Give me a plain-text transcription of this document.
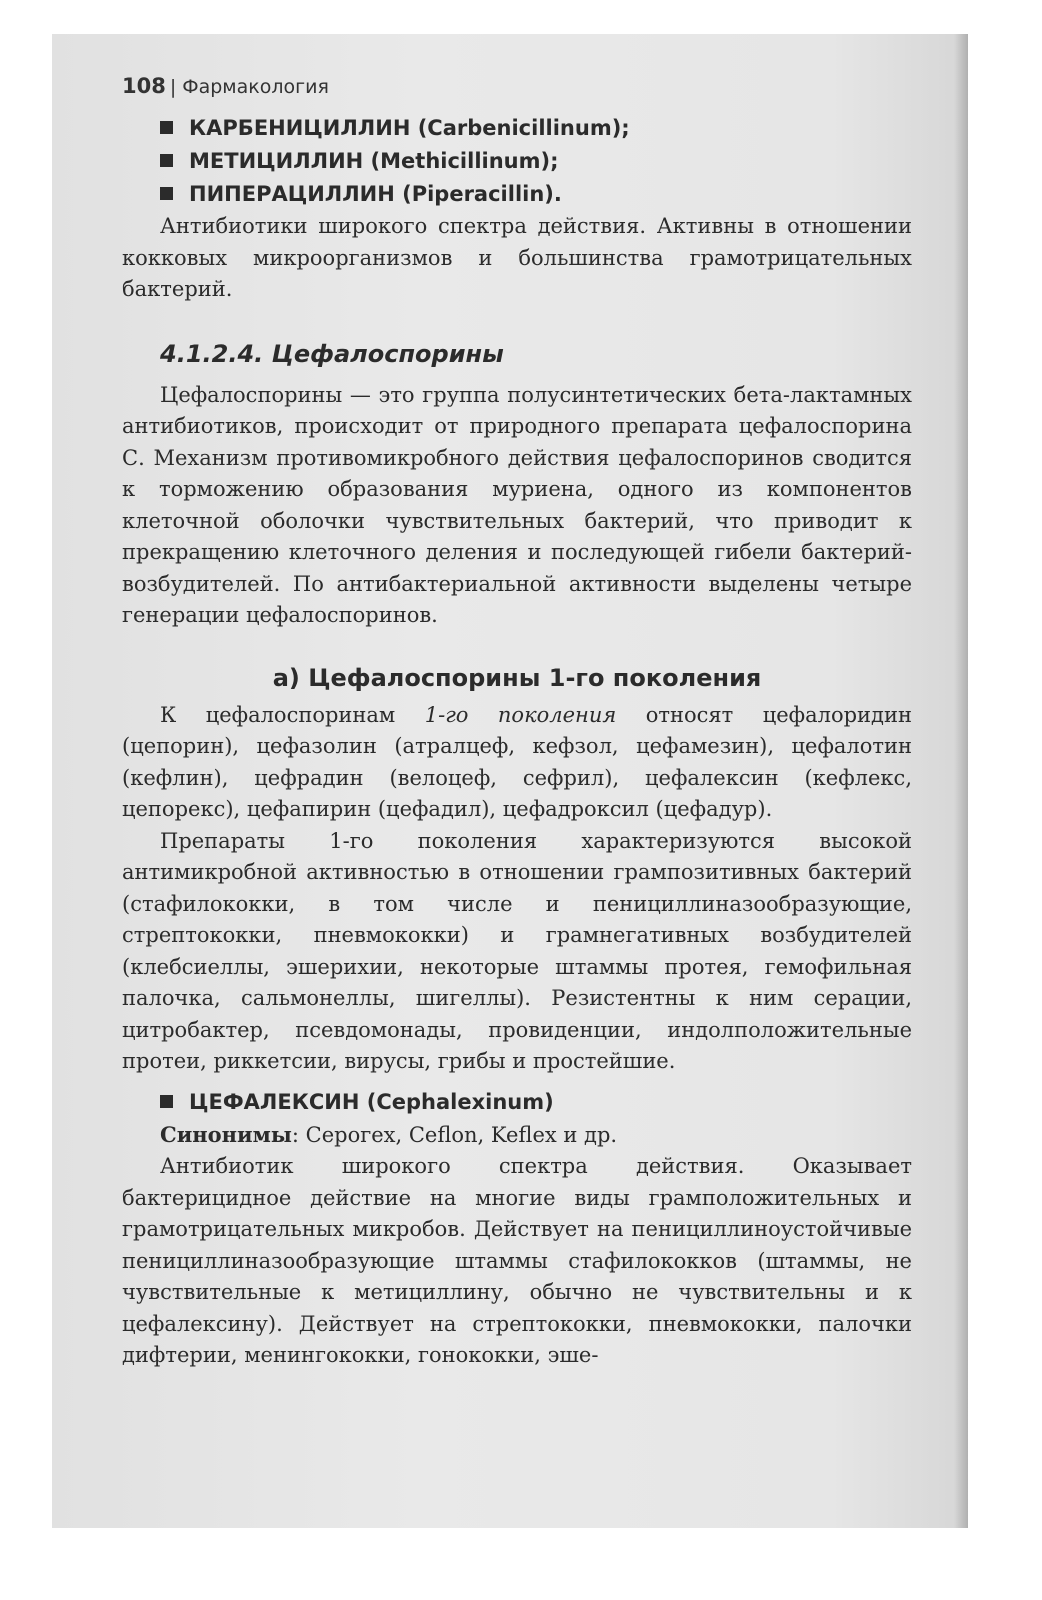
108 | Фармакология
КАРБЕНИЦИЛЛИН (Carbenicillinum);
МЕТИЦИЛЛИН (Methicillinum);
ПИПЕРАЦИЛЛИН (Piperacillin).

Антибиотики широкого спектра действия. Активны в отношении кокковых микроорганизмов и большинства грамотрицательных бактерий.

4.1.2.4. Цефалоспорины

Цефалоспорины — это группа полусинтетических бета-лактамных антибиотиков, происходит от природного препарата цефалоспорина С. Механизм противомикробного действия цефалоспоринов сводится к торможению образования муриена, одного из компонентов клеточной оболочки чувствительных бактерий, что приводит к прекращению клеточного деления и последующей гибели бактерий-возбудителей. По антибактериальной активности выделены четыре генерации цефалоспоринов.

а) Цефалоспорины 1-го поколения

К цефалоспоринам 1-го поколения относят цефалоридин (цепорин), цефазолин (атралцеф, кефзол, цефамезин), цефалотин (кефлин), цефрадин (велоцеф, сефрил), цефалексин (кефлекс, цепорекс), цефапирин (цефадил), цефадроксил (цефадур).

Препараты 1-го поколения характеризуются высокой антимикробной активностью в отношении грампозитивных бактерий (стафилококки, в том числе и пенициллиназообразующие, стрептококки, пневмококки) и грамнегативных возбудителей (клебсиеллы, эшерихии, некоторые штаммы протея, гемофильная палочка, сальмонеллы, шигеллы). Резистентны к ним серации, цитробактер, псевдомонады, провиденции, индолположительные протеи, риккетсии, вирусы, грибы и простейшие.

ЦЕФАЛЕКСИН (Cephalexinum)
Синонимы: Серогех, Ceflon, Keflex и др.

Антибиотик широкого спектра действия. Оказывает бактерицидное действие на многие виды грамположительных и грамотрицательных микробов. Действует на пенициллиноустойчивые пенициллиназообразующие штаммы стафилококков (штаммы, не чувствительные к метициллину, обычно не чувствительны и к цефалексину). Действует на стрептококки, пневмококки, палочки дифтерии, менингококки, гонококки, эше-
